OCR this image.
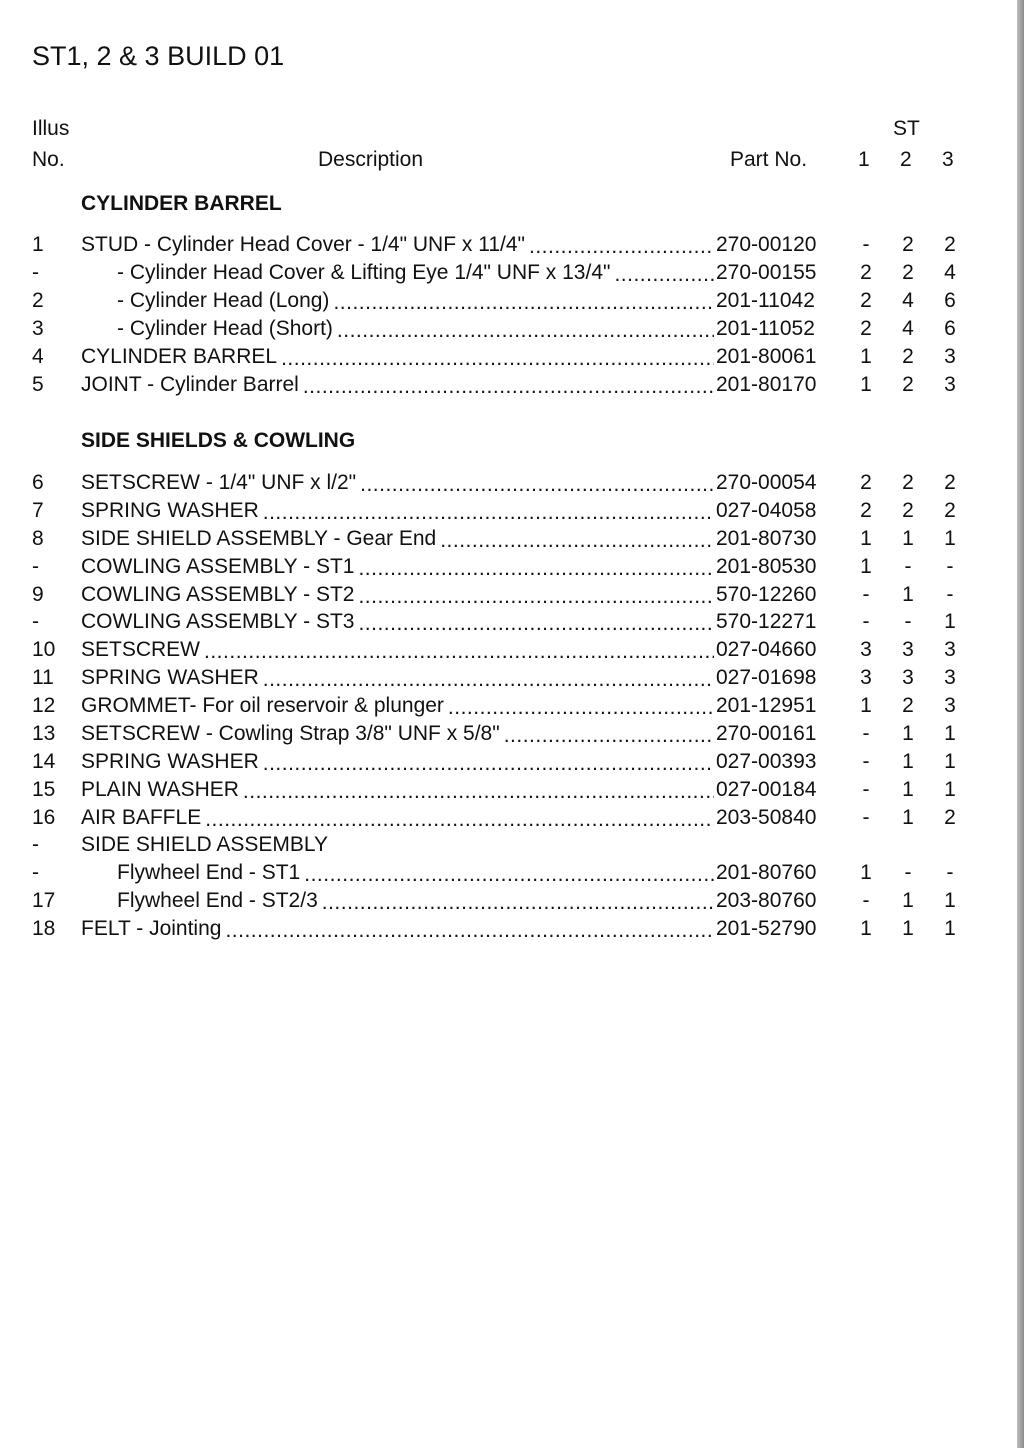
ST1, 2 & 3 BUILD 01
Illus
No.	Description	Part No.
ST
1 2 3
CYLINDER BARREL
1 STUD - Cylinder Head Cover - 1/4" UNF x 11/4" .....	270-00120	-	2	2
-	- Cylinder Head Cover & Lifting Eye 1/4" UNF x 13/4" .....	270-00155	2	2	4
2	- Cylinder Head (Long) .....	201-11042	2	4	6
3	- Cylinder Head (Short) .....	201-11052	2	4	6
4 CYLINDER BARREL .....	201-80061	1	2	3
5 JOINT - Cylinder Barrel .....	201-80170	1	2	3
SIDE SHIELDS & COWLING
6 SETSCREW - 1/4" UNF x l/2" .....	270-00054	2	2	2
7 SPRING WASHER .....	027-04058	2	2	2
8 SIDE SHIELD ASSEMBLY - Gear End .....	201-80730	1	1	1
- COWLING ASSEMBLY - ST1 .....	201-80530	1	-	-
9 COWLING ASSEMBLY - ST2 .....	570-12260	-	1	-
- COWLING ASSEMBLY - ST3 .....	570-12271	-	-	1
10 SETSCREW .....	027-04660	3	3	3
11 SPRING WASHER .....	027-01698	3	3	3
12 GROMMET- For oil reservoir & plunger .....	201-12951	1	2	3
13 SETSCREW - Cowling Strap 3/8" UNF x 5/8" .....	270-00161	-	1	1
14 SPRING WASHER .....	027-00393	-	1	1
15 PLAIN WASHER .....	027-00184	-	1	1
16 AIR BAFFLE .....	203-50840	-	1	2
- SIDE SHIELD ASSEMBLY
-	Flywheel End - ST1 .....	201-80760	1	-	-
17	Flywheel End - ST2/3 .....	203-80760	-	1	1
18 FELT - Jointing .....	201-52790	1	1	1
